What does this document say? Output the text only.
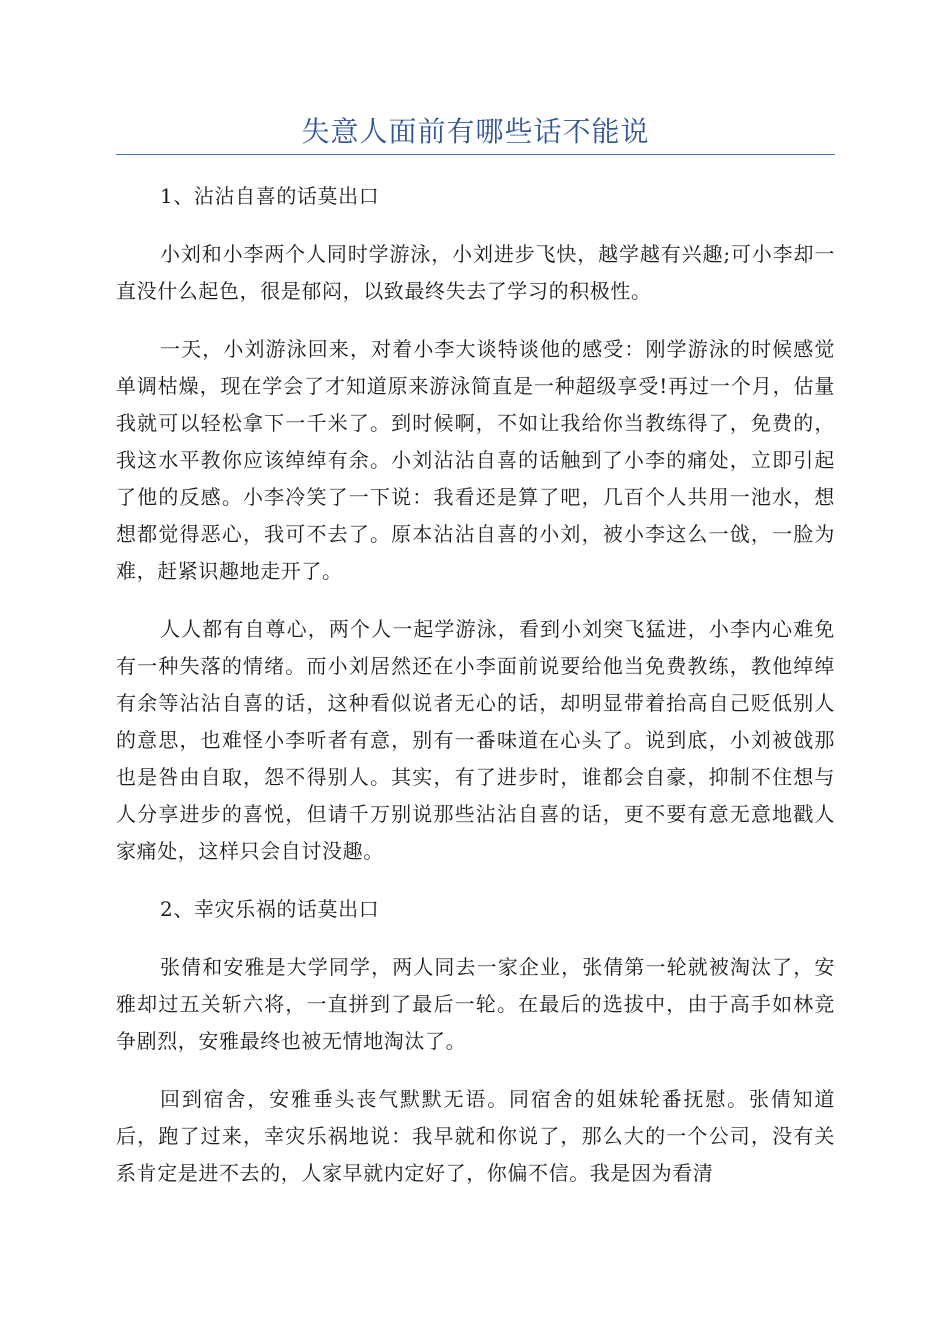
失意人面前有哪些话不能说

1、沾沾自喜的话莫出口

小刘和小李两个人同时学游泳，小刘进步飞快，越学越有兴趣;可小李却一直没什么起色，很是郁闷，以致最终失去了学习的积极性。

一天，小刘游泳回来，对着小李大谈特谈他的感受：刚学游泳的时候感觉单调枯燥，现在学会了才知道原来游泳简直是一种超级享受!再过一个月，估量我就可以轻松拿下一千米了。到时候啊，不如让我给你当教练得了，免费的，我这水平教你应该绰绰有余。小刘沾沾自喜的话触到了小李的痛处，立即引起了他的反感。小李冷笑了一下说：我看还是算了吧，几百个人共用一池水，想想都觉得恶心，我可不去了。原本沾沾自喜的小刘，被小李这么一戗，一脸为难，赶紧识趣地走开了。

人人都有自尊心，两个人一起学游泳，看到小刘突飞猛进，小李内心难免有一种失落的情绪。而小刘居然还在小李面前说要给他当免费教练，教他绰绰有余等沾沾自喜的话，这种看似说者无心的话，却明显带着抬高自己贬低别人的意思，也难怪小李听者有意，别有一番味道在心头了。说到底，小刘被戗那也是咎由自取，怨不得别人。其实，有了进步时，谁都会自豪，抑制不住想与人分享进步的喜悦，但请千万别说那些沾沾自喜的话，更不要有意无意地戳人家痛处，这样只会自讨没趣。

2、幸灾乐祸的话莫出口

张倩和安雅是大学同学，两人同去一家企业，张倩第一轮就被淘汰了，安雅却过五关斩六将，一直拼到了最后一轮。在最后的选拔中，由于高手如林竞争剧烈，安雅最终也被无情地淘汰了。

回到宿舍，安雅垂头丧气默默无语。同宿舍的姐妹轮番抚慰。张倩知道后，跑了过来，幸灾乐祸地说：我早就和你说了，那么大的一个公司，没有关系肯定是进不去的，人家早就内定好了，你偏不信。我是因为看清
